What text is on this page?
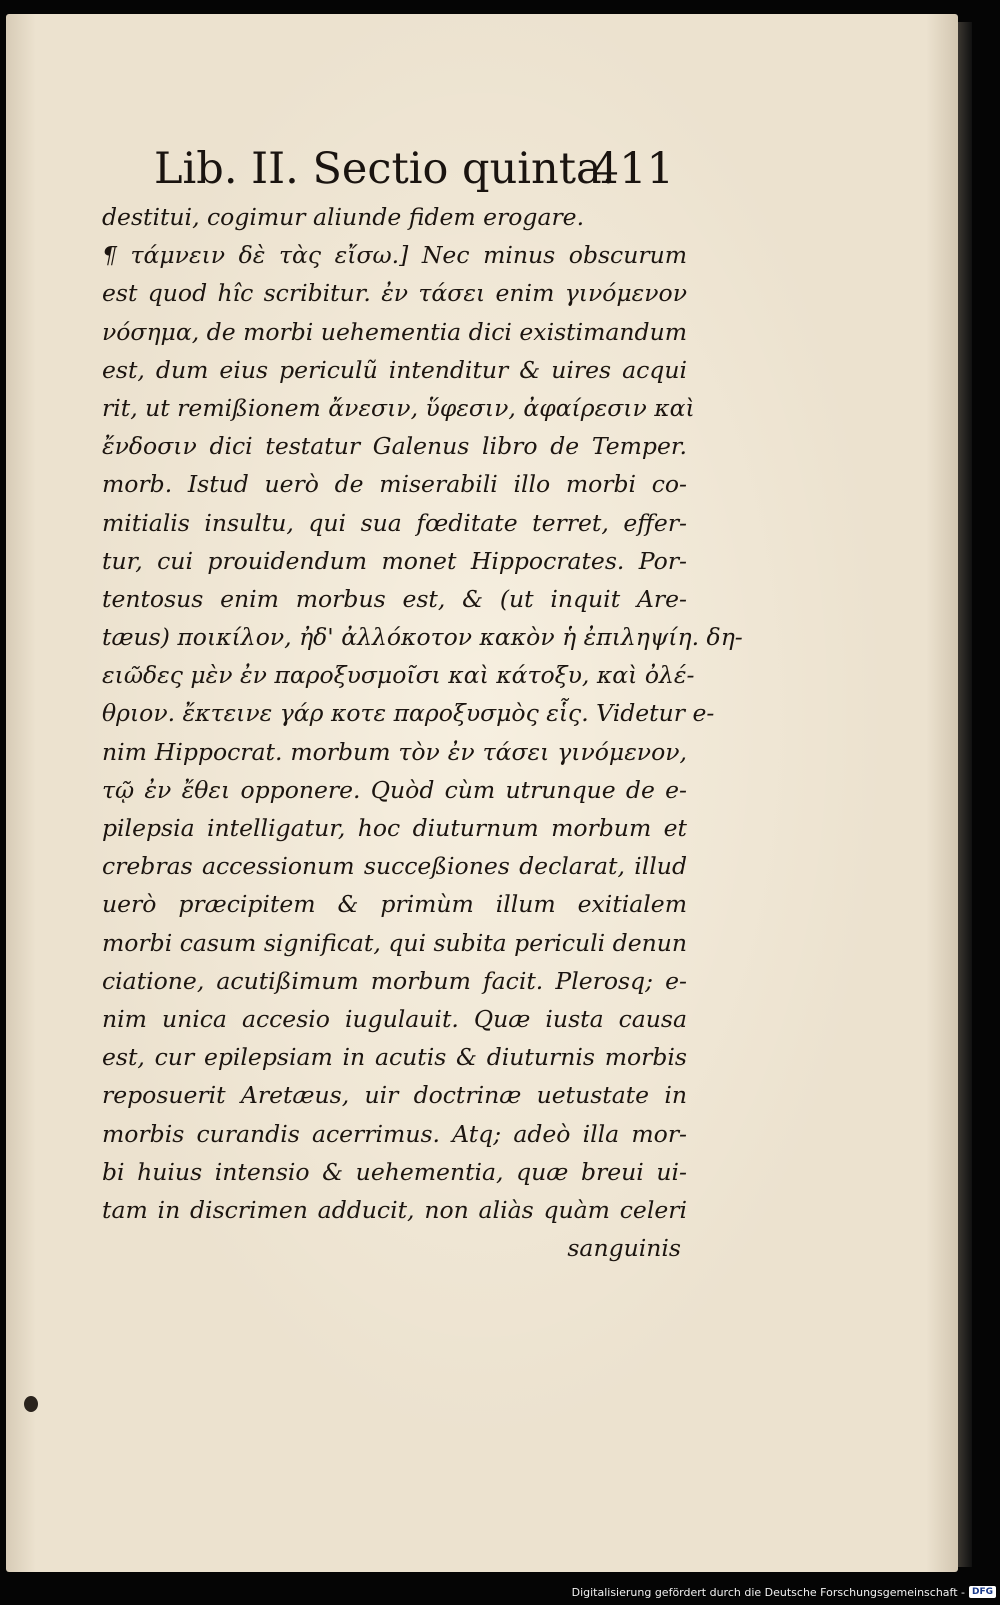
Lib. II. Sectio quinta.
411
destitui, cogimur aliunde fidem erogare.
¶ τάμνειν δὲ τὰς εἴσω.] Nec minus obscurum
est quod hîc scribitur. ἐν τάσει enim γινόμενον
νόσημα, de morbi uehementia dici existimandum
est, dum eius periculũ intenditur & uires acqui
rit, ut remißionem ἄνεσιν, ὕφεσιν, ἀφαίρεσιν καὶ
ἔνδοσιν dici testatur Galenus libro de Temper.
morb. Istud uerò de miserabili illo morbi co-
mitialis insultu, qui sua fœditate terret, effer-
tur, cui prouidendum monet Hippocrates. Por-
tentosus enim morbus est, & (ut inquit Are-
tæus) ποικίλον, ἠδ' ἀλλόκοτον κακὸν ἡ ἐπιληψίη. δη-
ειῶδες μὲν ἐν παροξυσμοῖσι καὶ κάτοξυ, καὶ ὀλέ-
θριον. ἔκτεινε γάρ κοτε παροξυσμὸς εἷς. Videtur e-
nim Hippocrat. morbum τὸν ἐν τάσει γινόμενον,
τῷ ἐν ἔθει opponere. Quòd cùm utrunque de e-
pilepsia intelligatur, hoc diuturnum morbum et
crebras accessionum succeßiones declarat, illud
uerò præcipitem & primùm illum exitialem
morbi casum significat, qui subita periculi denun
ciatione, acutißimum morbum facit. Plerosq; e-
nim unica accesio iugulauit. Quæ iusta causa
est, cur epilepsiam in acutis & diuturnis morbis
reposuerit Aretæus, uir doctrinæ uetustate in
morbis curandis acerrimus. Atq; adeò illa mor-
bi huius intensio & uehementia, quæ breui ui-
tam in discrimen adducit, non aliàs quàm celeri
sanguinis
Digitalisierung gefördert durch die Deutsche Forschungsgemeinschaft - DFG
